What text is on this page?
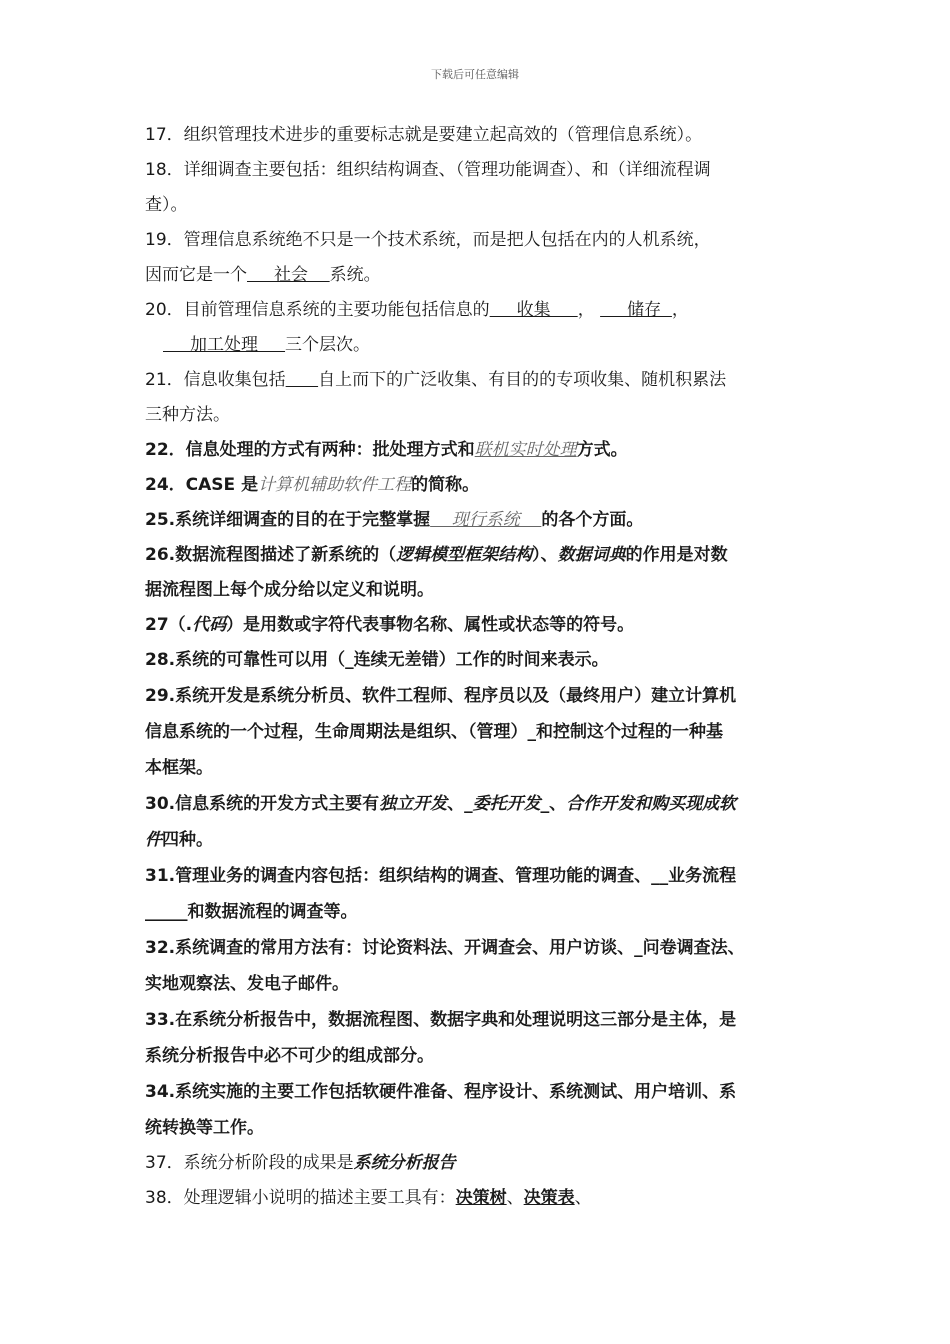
下载后可任意编辑
17．组织管理技术进步的重要标志就是要建立起高效的（管理信息系统）。
18．详细调查主要包括：组织结构调查、（管理功能调查）、和（详细流程调
查）。
19．管理信息系统绝不只是一个技术系统，而是把人包括在内的人机系统，
因而它是一个     社会    系统。
20．目前管理信息系统的主要功能包括信息的     收集     ，      储存  ，
加工处理     三个层次。
21．信息收集包括 自上而下的广泛收集、有目的的专项收集、随机积累法
三种方法。
22．信息处理的方式有两种：批处理方式和联机实时处理方式。
24．CASE 是计算机辅助软件工程的简称。
25.系统详细调查的目的在于完整掌握    现行系统    的各个方面。
26.数据流程图描述了新系统的（逻辑模型框架结构）、数据词典的作用是对数
据流程图上每个成分给以定义和说明。
27（.代码）是用数或字符代表事物名称、属性或状态等的符号。
28.系统的可靠性可以用（_连续无差错）工作的时间来表示。
29.系统开发是系统分析员、软件工程师、程序员以及（最终用户）建立计算机
信息系统的一个过程，生命周期法是组织、（管理）_和控制这个过程的一种基
本框架。
30.信息系统的开发方式主要有独立开发、_委托开发_、合作开发和购买现成软
件四种。
31.管理业务的调查内容包括：组织结构的调查、管理功能的调查、__业务流程
_____和数据流程的调查等。
32.系统调查的常用方法有：讨论资料法、开调查会、用户访谈、_问卷调查法、
实地观察法、发电子邮件。
33.在系统分析报告中，数据流程图、数据字典和处理说明这三部分是主体，是
系统分析报告中必不可少的组成部分。
34.系统实施的主要工作包括软硬件准备、程序设计、系统测试、用户培训、系
统转换等工作。
37．系统分析阶段的成果是系统分析报告
38．处理逻辑小说明的描述主要工具有：决策树、决策表、
